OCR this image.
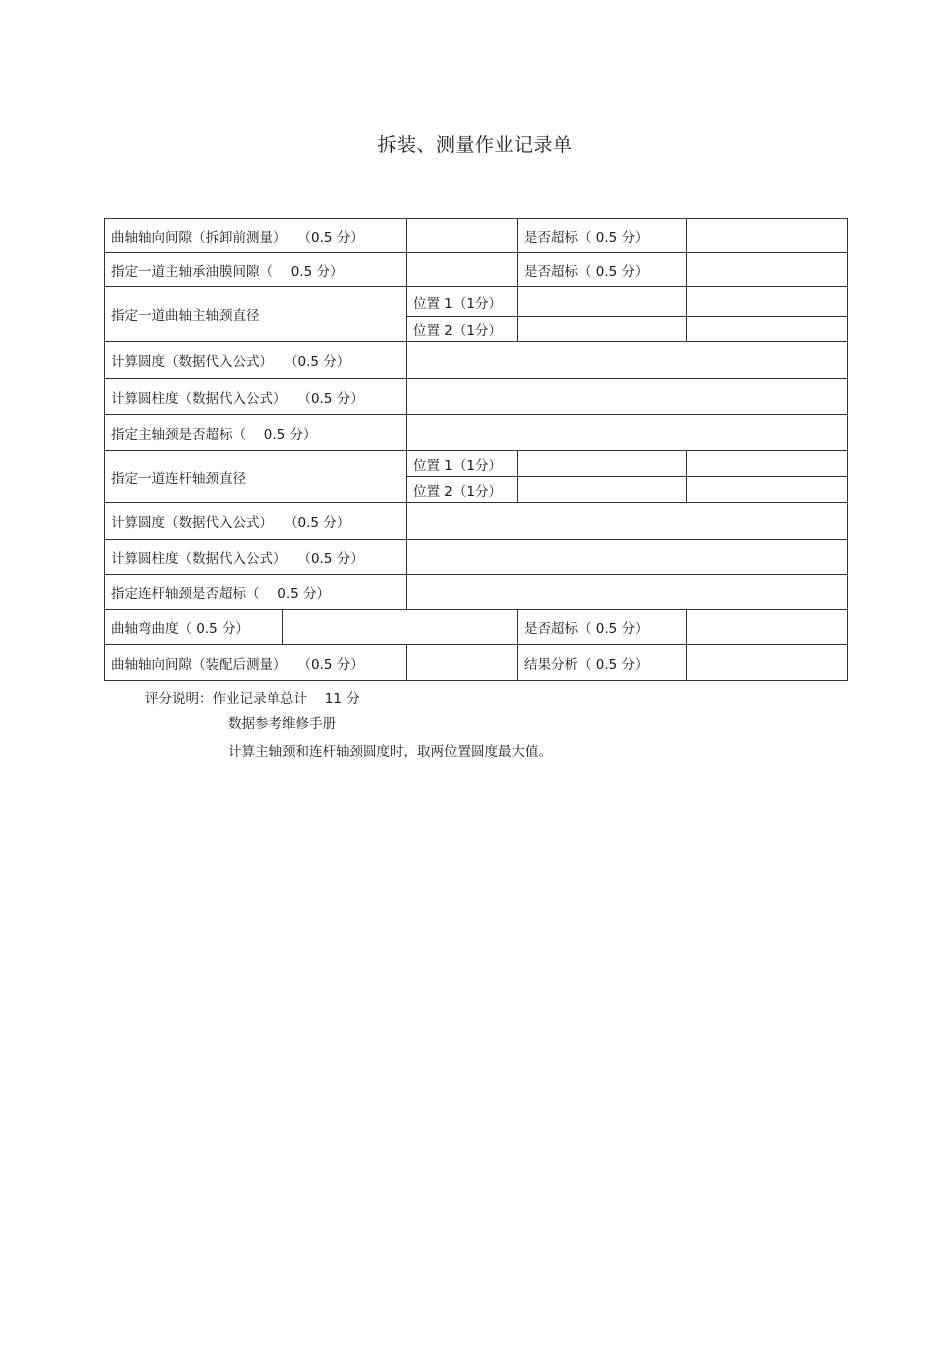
拆装、测量作业记录单
曲轴轴向间隙（拆卸前测量）　 （0.5 分）			是否超标（ 0.5 分）	
指定一道主轴承油膜间隙（　 0.5 分）			是否超标（ 0.5 分）	
指定一道曲轴主轴颈直径		位置 1（1分）		
		位置 2（1分）		
计算圆度（数据代入公式）　 （0.5 分）				
计算圆柱度（数据代入公式）　 （0.5 分）				
指定主轴颈是否超标（　 0.5 分）				
指定一道连杆轴颈直径		位置 1（1分）		
		位置 2（1分）		
计算圆度（数据代入公式）　 （0.5 分）				
计算圆柱度（数据代入公式）　 （0.5 分）				
指定连杆轴颈是否超标（　 0.5 分）				
曲轴弯曲度（ 0.5 分）			是否超标（ 0.5 分）	
曲轴轴向间隙（装配后测量）　 （0.5 分）			结果分析（ 0.5 分）	
评分说明：作业记录单总计　 11 分
数据参考维修手册
计算主轴颈和连杆轴颈圆度时，取两位置圆度最大值。
